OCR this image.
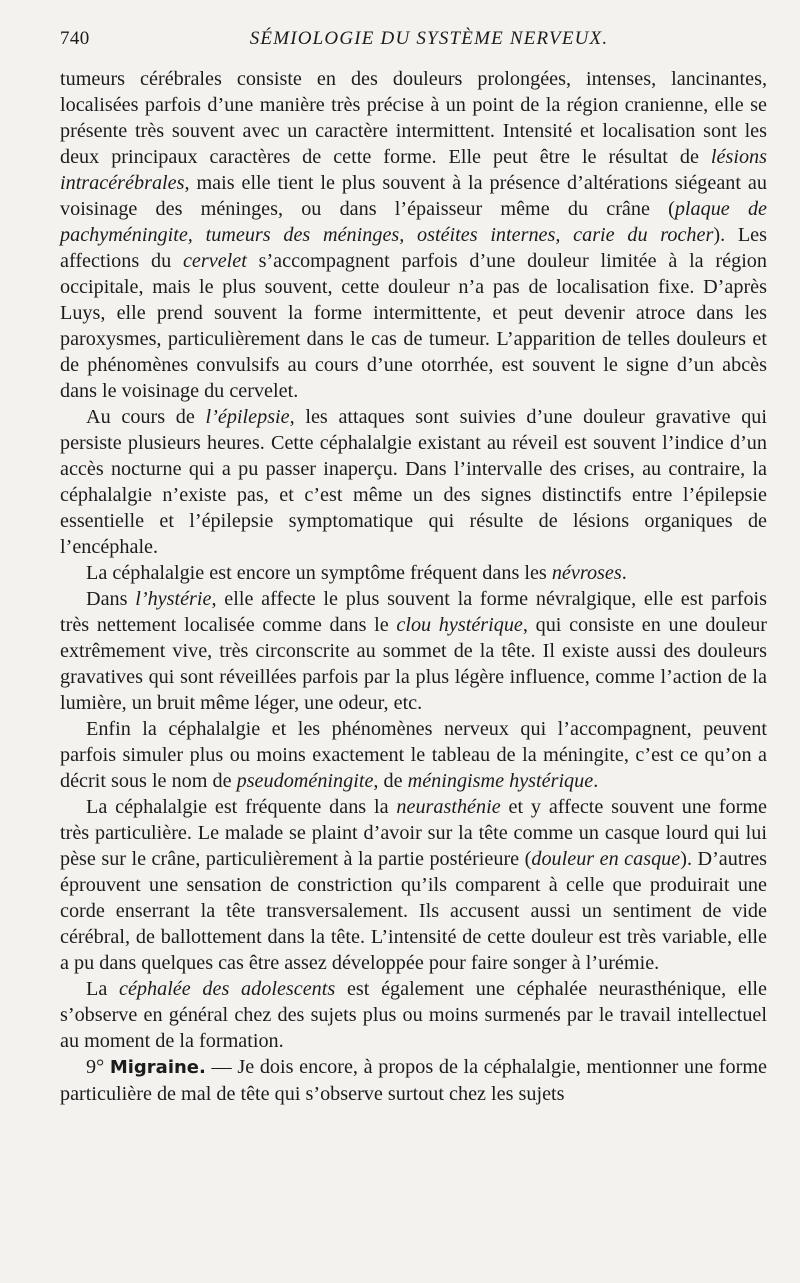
740	SÉMIOLOGIE DU SYSTÈME NERVEUX.

tumeurs cérébrales consiste en des douleurs prolongées, intenses, lancinantes, localisées parfois d’une manière très précise à un point de la région cranienne, elle se présente très souvent avec un caractère intermittent. Intensité et localisation sont les deux principaux caractères de cette forme. Elle peut être le résultat de lésions intracérébrales, mais elle tient le plus souvent à la présence d’altérations siégeant au voisinage des méninges, ou dans l’épaisseur même du crâne (plaque de pachyméningite, tumeurs des méninges, ostéites internes, carie du rocher). Les affections du cervelet s’accompagnent parfois d’une douleur limitée à la région occipitale, mais le plus souvent, cette douleur n’a pas de localisation fixe. D’après Luys, elle prend souvent la forme intermittente, et peut devenir atroce dans les paroxysmes, particulièrement dans le cas de tumeur. L’apparition de telles douleurs et de phénomènes convulsifs au cours d’une otorrhée, est souvent le signe d’un abcès dans le voisinage du cervelet.

Au cours de l’épilepsie, les attaques sont suivies d’une douleur gravative qui persiste plusieurs heures. Cette céphalalgie existant au réveil est souvent l’indice d’un accès nocturne qui a pu passer inaperçu. Dans l’intervalle des crises, au contraire, la céphalalgie n’existe pas, et c’est même un des signes distinctifs entre l’épilepsie essentielle et l’épilepsie symptomatique qui résulte de lésions organiques de l’encéphale.

La céphalalgie est encore un symptôme fréquent dans les névroses.

Dans l’hystérie, elle affecte le plus souvent la forme névralgique, elle est parfois très nettement localisée comme dans le clou hystérique, qui consiste en une douleur extrêmement vive, très circonscrite au sommet de la tête. Il existe aussi des douleurs gravatives qui sont réveillées parfois par la plus légère influence, comme l’action de la lumière, un bruit même léger, une odeur, etc.

Enfin la céphalalgie et les phénomènes nerveux qui l’accompagnent, peuvent parfois simuler plus ou moins exactement le tableau de la méningite, c’est ce qu’on a décrit sous le nom de pseudoméningite, de méningisme hystérique.

La céphalalgie est fréquente dans la neurasthénie et y affecte souvent une forme très particulière. Le malade se plaint d’avoir sur la tête comme un casque lourd qui lui pèse sur le crâne, particulièrement à la partie postérieure (douleur en casque). D’autres éprouvent une sensation de constriction qu’ils comparent à celle que produirait une corde enserrant la tête transversalement. Ils accusent aussi un sentiment de vide cérébral, de ballottement dans la tête. L’intensité de cette douleur est très variable, elle a pu dans quelques cas être assez développée pour faire songer à l’urémie.

La céphalée des adolescents est également une céphalée neurasthénique, elle s’observe en général chez des sujets plus ou moins surmenés par le travail intellectuel au moment de la formation.

9° Migraine. — Je dois encore, à propos de la céphalalgie, mentionner une forme particulière de mal de tête qui s’observe surtout chez les sujets
